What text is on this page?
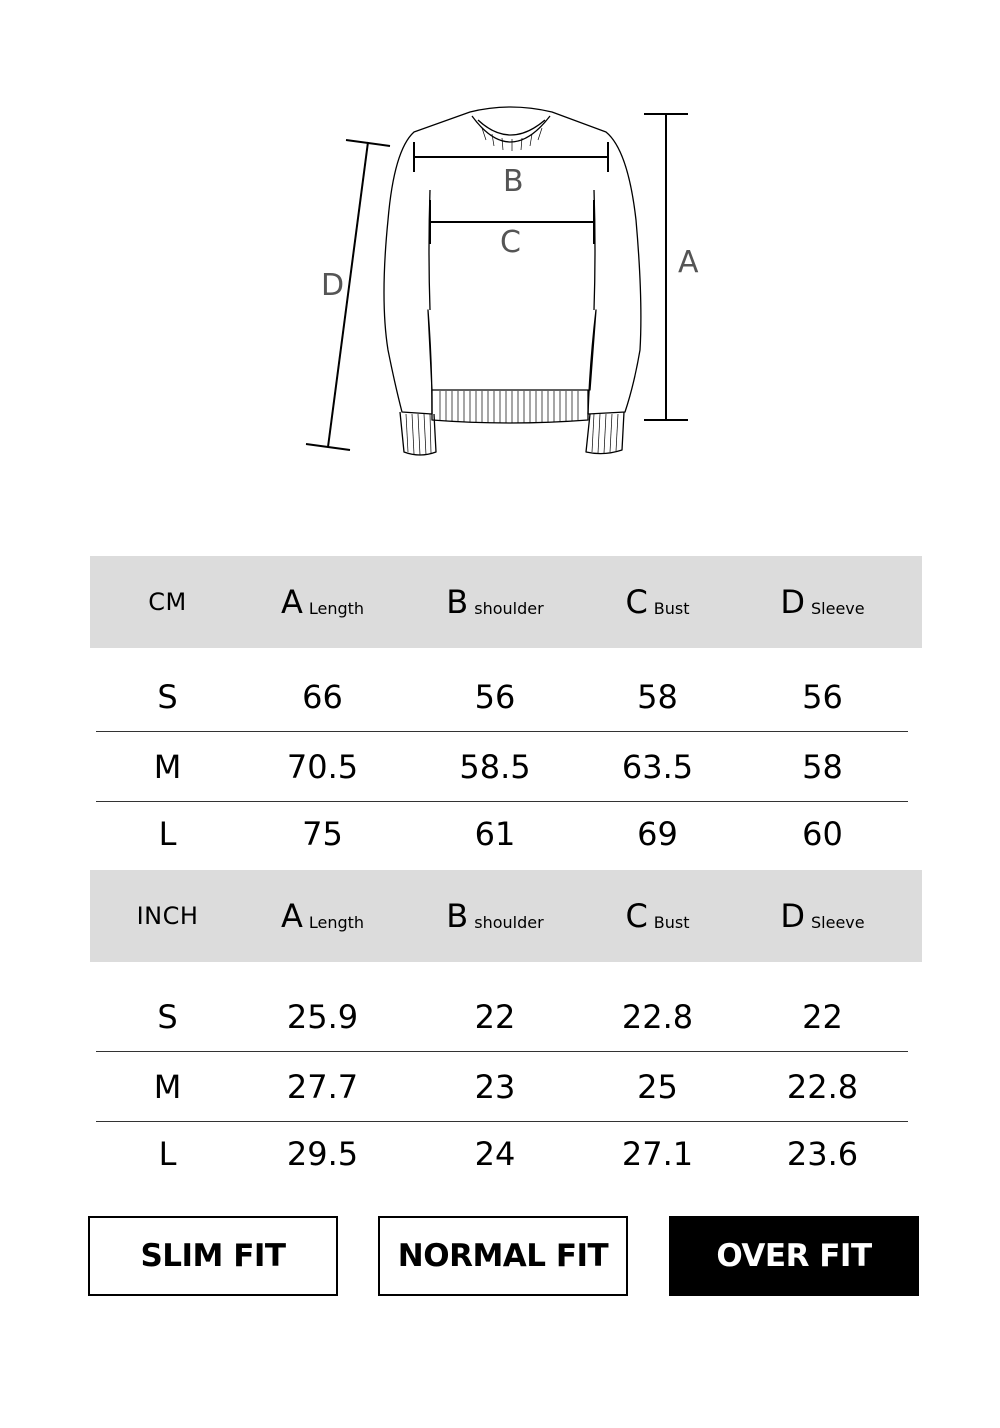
B
C
A
D
CM	A Length	B shoulder	C Bust	D Sleeve
S	66	56	58	56
M	70.5	58.5	63.5	58
L	75	61	69	60
INCH	A Length	B shoulder	C Bust	D Sleeve
S	25.9	22	22.8	22
M	27.7	23	25	22.8
L	29.5	24	27.1	23.6
SLIM FIT	NORMAL FIT	OVER FIT
